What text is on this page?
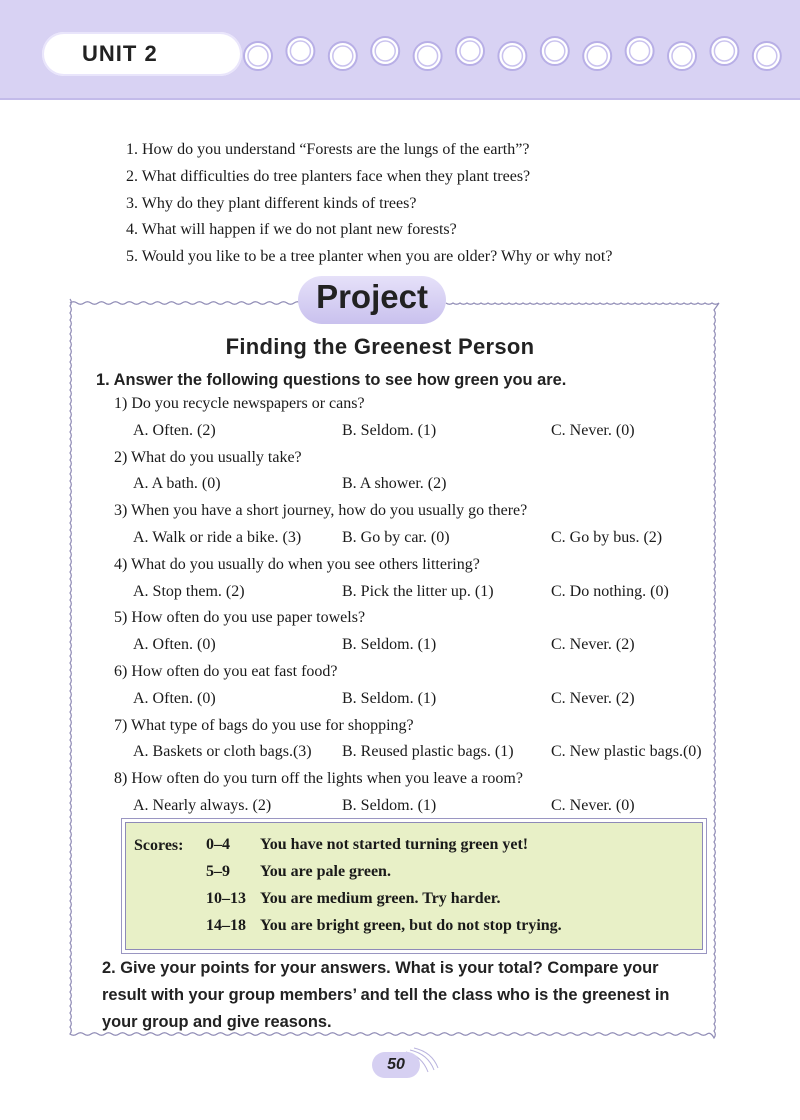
UNIT 2
1. How do you understand “Forests are the lungs of the earth”?
2. What difficulties do tree planters face when they plant trees?
3. Why do they plant different kinds of trees?
4. What will happen if we do not plant new forests?
5. Would you like to be a tree planter when you are older? Why or why not?
Project
Finding the Greenest Person
1. Answer the following questions to see how green you are.
1) Do you recycle newspapers or cans?
A. Often. (2)	B. Seldom. (1)	C. Never. (0)
2) What do you usually take?
A. A bath. (0)	B. A shower. (2)
3) When you have a short journey, how do you usually go there?
A. Walk or ride a bike. (3)	B. Go by car. (0)	C. Go by bus. (2)
4) What do you usually do when you see others littering?
A. Stop them. (2)	B. Pick the litter up. (1)	C. Do nothing. (0)
5) How often do you use paper towels?
A. Often. (0)	B. Seldom. (1)	C. Never. (2)
6) How often do you eat fast food?
A. Often. (0)	B. Seldom. (1)	C. Never. (2)
7) What type of bags do you use for shopping?
A. Baskets or cloth bags.(3) B. Reused plastic bags. (1) C. New plastic bags.(0)
8) How often do you turn off the lights when you leave a room?
A. Nearly always. (2)	B. Seldom. (1)	C. Never. (0)
Scores: 0–4	You have not started turning green yet!
5–9	You are pale green.
10–13 You are medium green. Try harder.
14–18 You are bright green, but do not stop trying.
2. Give your points for your answers. What is your total? Compare your result with your group members’ and tell the class who is the greenest in your group and give reasons.
50
